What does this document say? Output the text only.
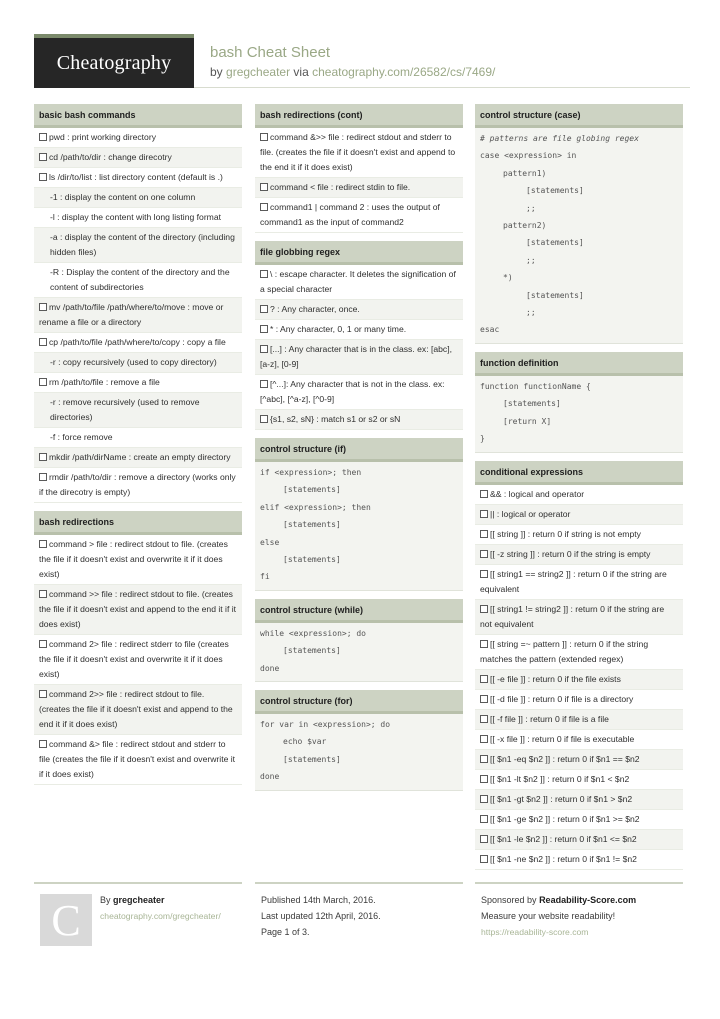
Cheatography	bash Cheat Sheet
by gregcheater via cheatography.com/26582/cs/7469/
basic bash commands
pwd : print working directory
cd /path/to/dir : change direcotry
ls /dir/to/list : list directory content (default is .)
-1 : display the content on one column
-l : display the content with long listing format
-a : display the content of the directory (including hidden files)
-R : Display the content of the directory and the content of subdirectories
mv /path/to/file /path/where/to/move : move or rename a file or a directory
cp /path/to/file /path/where/to/copy : copy a file
-r : copy recursively (used to copy directory)
rm /path/to/file : remove a file
-r : remove recursively (used to remove directories)
-f : force remove
mkdir /path/dirName : create an empty directory
rmdir /path/to/dir : remove a directory (works only if the direcotry is empty)
bash redirections
command > file : redirect stdout to file. (creates the file if it doesn't exist and overwrite it if it does exist)
command >> file : redirect stdout to file. (creates the file if it doesn't exist and append to the end it if it does exist)
command 2> file : redirect stderr to file (creates the file if it doesn't exist and overwrite it if it does exist)
command 2>> file : redirect stdout to file. (creates the file if it doesn't exist and append to the end it if it does exist)
command &> file : redirect stdout and stderr to file (creates the file if it doesn't exist and overwrite it if it does exist)
bash redirections (cont)
command &>> file : redirect stdout and stderr to file. (creates the file if it doesn't exist and append to the end it if it does exist)
command < file : redirect stdin to file.
command1 | command 2 : uses the output of command1 as the input of command2
file globbing regex
\ : escape character. It deletes the signification of a special character
? : Any character, once.
* : Any character, 0, 1 or many time.
[...] : Any character that is in the class. ex: [abc], [a-z], [0-9]
[^...]: Any character that is not in the class. ex: [^abc], [^a-z], [^0-9]
{s1, s2, sN} : match s1 or s2 or sN
control structure (if)
if <expression>; then
[statements]
elif <expression>; then
[statements]
else
[statements]
fi
control structure (while)
while <expression>; do
[statements]
done
control structure (for)
for var in <expression>; do
echo $var
[statements]
done
control structure (case)
# patterns are file globing regex
case <expression> in
pattern1)
[statements]
;;
pattern2)
[statements]
;;
*)
[statements]
;;
esac
function definition
function functionName {
[statements]
[return X]
}
conditional expressions
&& : logical and operator
|| : logical or operator
[[ string ]] : return 0 if string is not empty
[[ -z string ]] : return 0 if the string is empty
[[ string1 == string2 ]] : return 0 if the string are equivalent
[[ string1 != string2 ]] : return 0 if the string are not equivalent
[[ string =~ pattern ]] : return 0 if the string matches the pattern (extended regex)
[[ -e file ]] : return 0 if the file exists
[[ -d file ]] : return 0 if file is a directory
[[ -f file ]] : return 0 if file is a file
[[ -x file ]] : return 0 if file is executable
[[ $n1 -eq $n2 ]] : return 0 if $n1 == $n2
[[ $n1 -lt $n2 ]] : return 0 if $n1 < $n2
[[ $n1 -gt $n2 ]] : return 0 if $n1 > $n2
[[ $n1 -ge $n2 ]] : return 0 if $n1 >= $n2
[[ $n1 -le $n2 ]] : return 0 if $n1 <= $n2
[[ $n1 -ne $n2 ]] : return 0 if $n1 != $n2
C By gregcheater
cheatography.com/gregcheater/
Published 14th March, 2016.
Last updated 12th April, 2016.
Page 1 of 3.
Sponsored by Readability-Score.com
Measure your website readability!
https://readability-score.com
